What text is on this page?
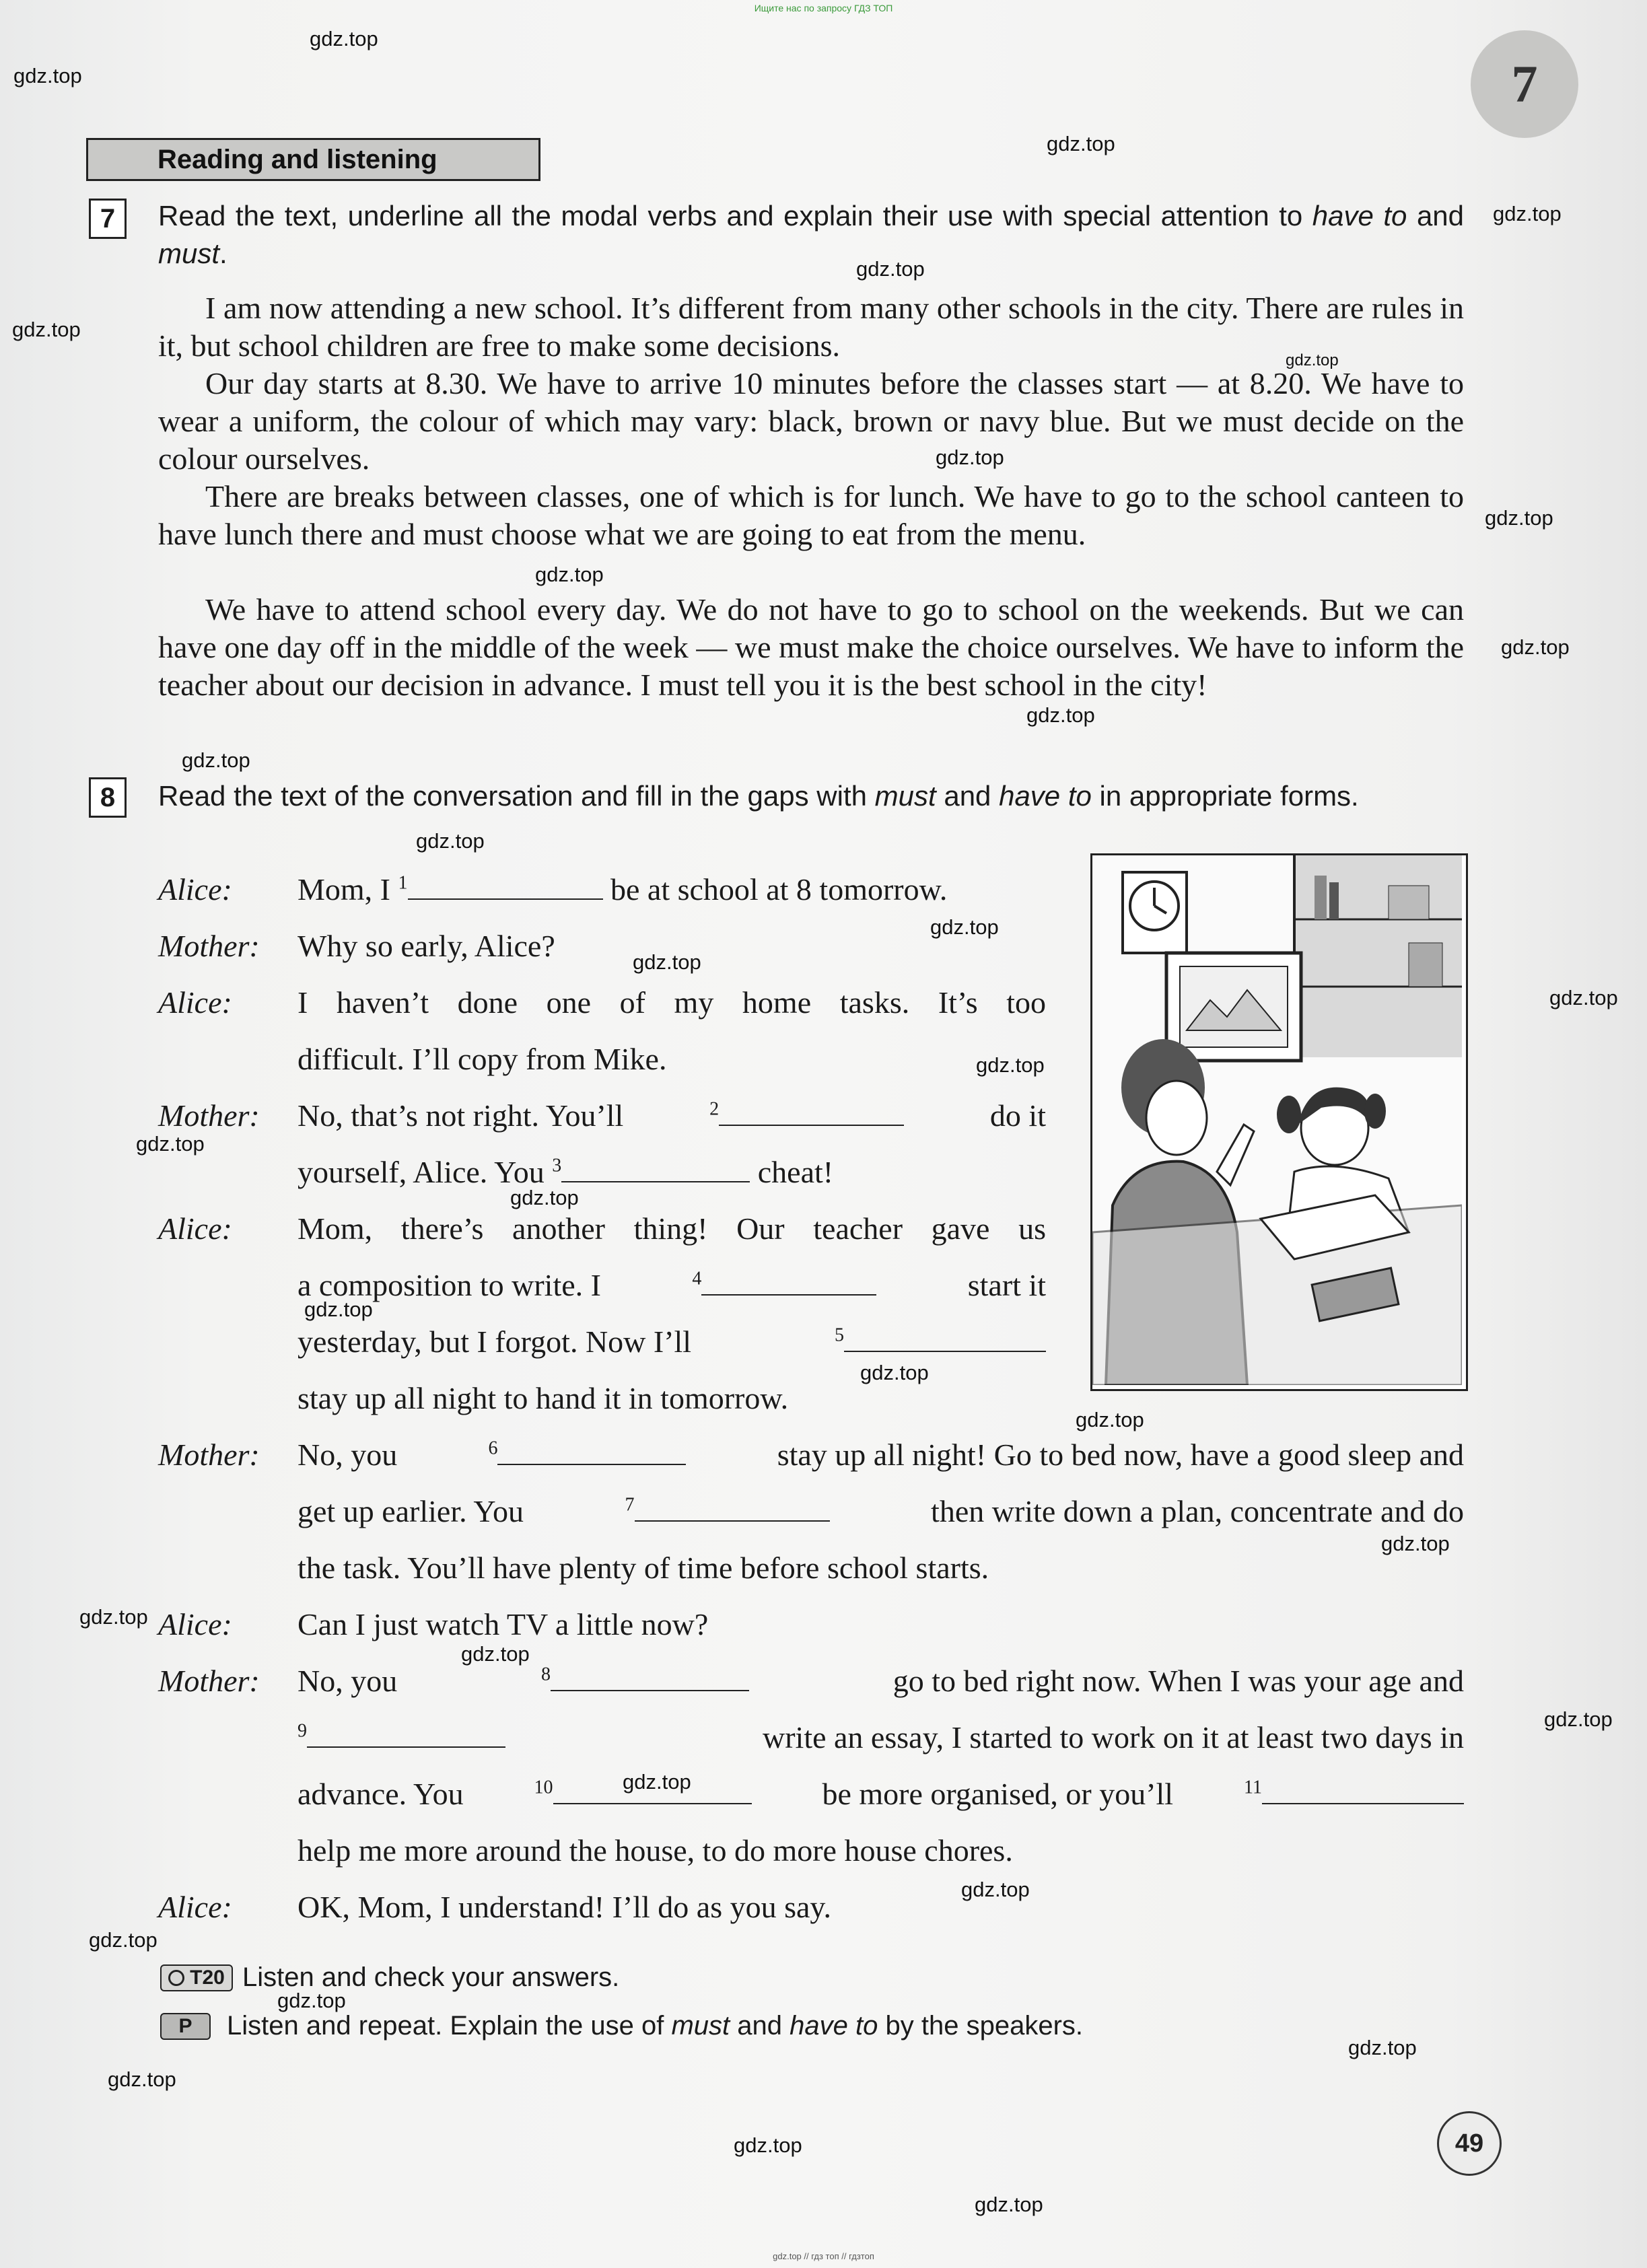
Ищите нас по запросу ГДЗ ТОП
7
gdz.top
gdz.top
gdz.top
gdz.top
gdz.top
gdz.top
gdz.top
gdz.top
gdz.top
gdz.top
gdz.top
gdz.top
gdz.top
gdz.top
gdz.top
gdz.top
gdz.top
gdz.top
gdz.top
gdz.top
gdz.top
gdz.top
gdz.top
gdz.top
gdz.top
gdz.top
gdz.top
gdz.top
gdz.top
gdz.top
gdz.top
gdz.top
gdz.top
gdz.top
gdz.top
Reading and listening
7	Read the text, underline all the modal verbs and explain their use with special attention to have to and must.
I am now attending a new school. It’s different from many other schools in the city. There are rules in it, but school children are free to make some decisions.
Our day starts at 8.30. We have to arrive 10 minutes before the classes start — at 8.20. We have to wear a uniform, the colour of which may vary: black, brown or navy blue. But we must decide on the colour ourselves.
There are breaks between classes, one of which is for lunch. We have to go to the school canteen to have lunch there and must choose what we are going to eat from the menu.
We have to attend school every day. We do not have to go to school on the weekends. But we can have one day off in the middle of the week — we must make the choice ourselves. We have to inform the teacher about our decision in advance. I must tell you it is the best school in the city!
8	Read the text of the conversation and fill in the gaps with must and have to in appropriate forms.
Alice: Mom, I $^1$	be at school at 8 tomorrow.
Mother: Why so early, Alice?
Alice: I haven’t done one of my home tasks. It’s too
difficult. I’ll copy from Mike.
Mother: No, that’s not right. You’ll	$^2$	do it
yourself, Alice. You $^3$	cheat!
Alice: Mom, there’s another thing! Our teacher gave us
a composition to write. I	$^4$	start it
yesterday, but I forgot. Now I’ll	$^5$
stay up all night to hand it in tomorrow.
Mother: No, you	$^6$	stay up all night! Go to bed now, have a good sleep and
get up earlier. You	$^7$	then write down a plan, concentrate and do
the task. You’ll have plenty of time before school starts.
Alice: Can I just watch TV a little now?
Mother: No, you	$^8$	go to bed right now. When I was your age and
$^9$	write an essay, I started to work on it at least two days in
advance. You	$^{10}$	be more organised, or you’ll	$^{11}$
help me more around the house, to do more house chores.
Alice: OK, Mom, I understand! I’ll do as you say.
T20 Listen and check your answers.
P	Listen and repeat. Explain the use of must and have to by the speakers.
49
gdz.top // гдз топ // гдзтоп
